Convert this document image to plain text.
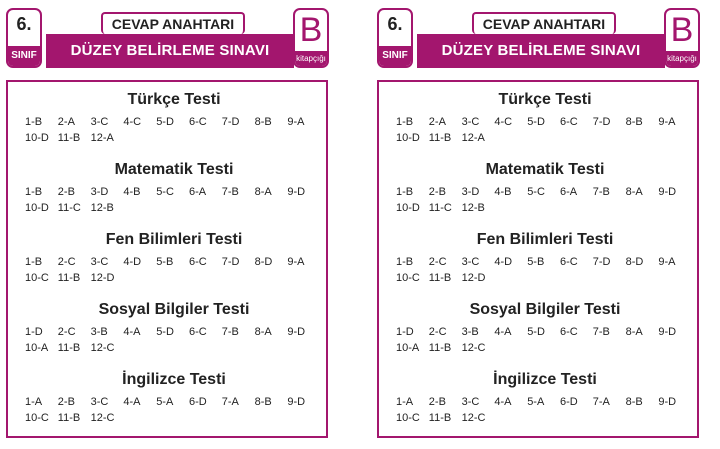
6.
SINIF
CEVAP ANAHTARI
DÜZEY BELİRLEME SINAVI
B
kitapçığı
Türkçe Testi
1-B	2-A	3-C	4-C	5-D	6-C	7-D	8-B	9-A
10-D 11-B 12-A
Matematik Testi
1-B	2-B	3-D	4-B	5-C	6-A	7-B	8-A	9-D
10-D 11-C 12-B
Fen Bilimleri Testi
1-B	2-C	3-C	4-D	5-B	6-C	7-D	8-D	9-A
10-C 11-B 12-D
Sosyal Bilgiler Testi
1-D	2-C	3-B	4-A	5-D	6-C	7-B	8-A	9-D
10-A 11-B 12-C
İngilizce Testi
1-A	2-B	3-C	4-A	5-A	6-D	7-A	8-B	9-D
10-C 11-B 12-C
6.
SINIF
CEVAP ANAHTARI
DÜZEY BELİRLEME SINAVI
B
kitapçığı
Türkçe Testi
1-B	2-A	3-C	4-C	5-D	6-C	7-D	8-B	9-A
10-D 11-B 12-A
Matematik Testi
1-B	2-B	3-D	4-B	5-C	6-A	7-B	8-A	9-D
10-D 11-C 12-B
Fen Bilimleri Testi
1-B	2-C	3-C	4-D	5-B	6-C	7-D	8-D	9-A
10-C 11-B 12-D
Sosyal Bilgiler Testi
1-D	2-C	3-B	4-A	5-D	6-C	7-B	8-A	9-D
10-A 11-B 12-C
İngilizce Testi
1-A	2-B	3-C	4-A	5-A	6-D	7-A	8-B	9-D
10-C 11-B 12-C
